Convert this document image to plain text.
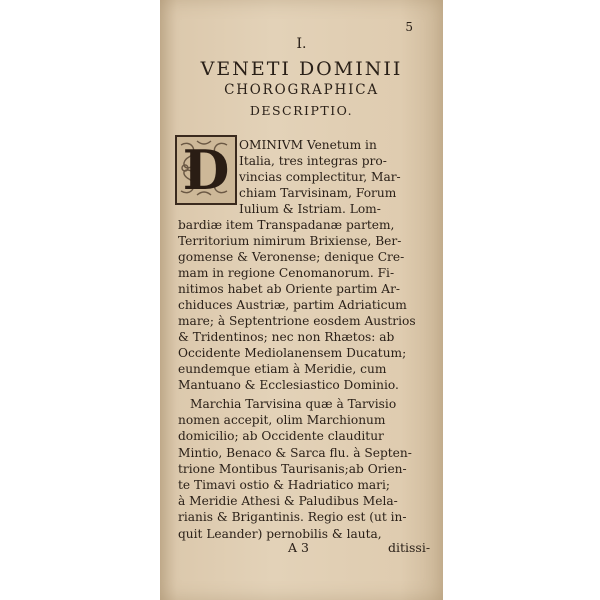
5
I.
VENETI DOMINII
CHOROGRAPHICA
DESCRIPTIO.
D OMINIVM Venetum in
Italia, tres integras pro-
vincias complectitur, Mar-
chiam Tarvisinam, Forum
Iulium & Istriam. Lom-
bardiæ item Transpadanæ partem,
Territorium nimirum Brixiense, Ber-
gomense & Veronense; denique Cre-
mam in regione Cenomanorum. Fi-
nitimos habet ab Oriente partim Ar-
chiduces Austriæ, partim Adriaticum
mare; à Septentrione eosdem Austrios
& Tridentinos; nec non Rhætos: ab
Occidente Mediolanensem Ducatum;
eundemque etiam à Meridie, cum
Mantuano & Ecclesiastico Dominio.
Marchia Tarvisina quæ à Tarvisio
nomen accepit, olim Marchionum
domicilio; ab Occidente clauditur
Mintio, Benaco & Sarca flu. à Septen-
trione Montibus Taurisanis;ab Orien-
te Timavi ostio & Hadriatico mari;
à Meridie Athesi & Paludibus Mela-
rianis & Brigantinis. Regio est (ut in-
quit Leander) pernobilis & lauta,
A 3	ditissi-
